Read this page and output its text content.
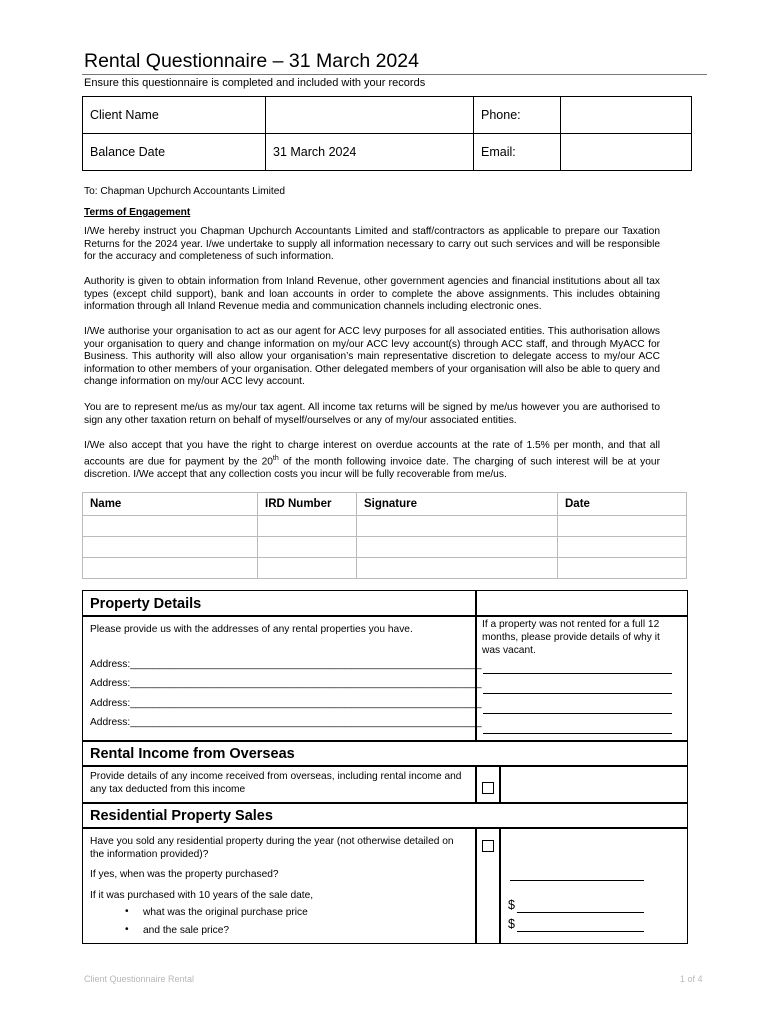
Rental Questionnaire – 31 March 2024
Ensure this questionnaire is completed and included with your records
Client Name		Phone:	
Balance Date	31 March 2024	Email:	
To: Chapman Upchurch Accountants Limited
Terms of Engagement
I/We hereby instruct you Chapman Upchurch Accountants Limited and staff/contractors as applicable to prepare our Taxation Returns for the 2024 year. I/we undertake to supply all information necessary to carry out such services and will be responsible for the accuracy and completeness of such information.
Authority is given to obtain information from Inland Revenue, other government agencies and financial institutions about all tax types (except child support), bank and loan accounts in order to complete the above assignments. This includes obtaining information through all Inland Revenue media and communication channels including electronic ones.
I/We authorise your organisation to act as our agent for ACC levy purposes for all associated entities. This authorisation allows your organisation to query and change information on my/our ACC levy account(s) through ACC staff, and through MyACC for Business. This authority will also allow your organisation’s main representative discretion to delegate access to my/our ACC information to other members of your organisation. Other delegated members of your organisation will also be able to query and change information on my/our ACC levy account.
You are to represent me/us as my/our tax agent. All income tax returns will be signed by me/us however you are authorised to sign any other taxation return on behalf of myself/ourselves or any of my/our associated entities.
I/We also accept that you have the right to charge interest on overdue accounts at the rate of 1.5% per month, and that all accounts are due for payment by the 20th of the month following invoice date. The charging of such interest will be at your discretion. I/We accept that any collection costs you incur will be fully recoverable from me/us.
Name	IRD Number	Signature	Date

Property Details
Please provide us with the addresses of any rental properties you have.
Address:______________________________________________________________
Address:______________________________________________________________
Address:______________________________________________________________
Address:______________________________________________________________
If a property was not rented for a full 12 months, please provide details of why it was vacant.
Rental Income from Overseas
Provide details of any income received from overseas, including rental income and any tax deducted from this income
Residential Property Sales
Have you sold any residential property during the year (not otherwise detailed on the information provided)?
If yes, when was the property purchased?
If it was purchased with 10 years of the sale date,
• what was the original purchase price
• and the sale price?
$
$
Client Questionnaire Rental	1 of 4
